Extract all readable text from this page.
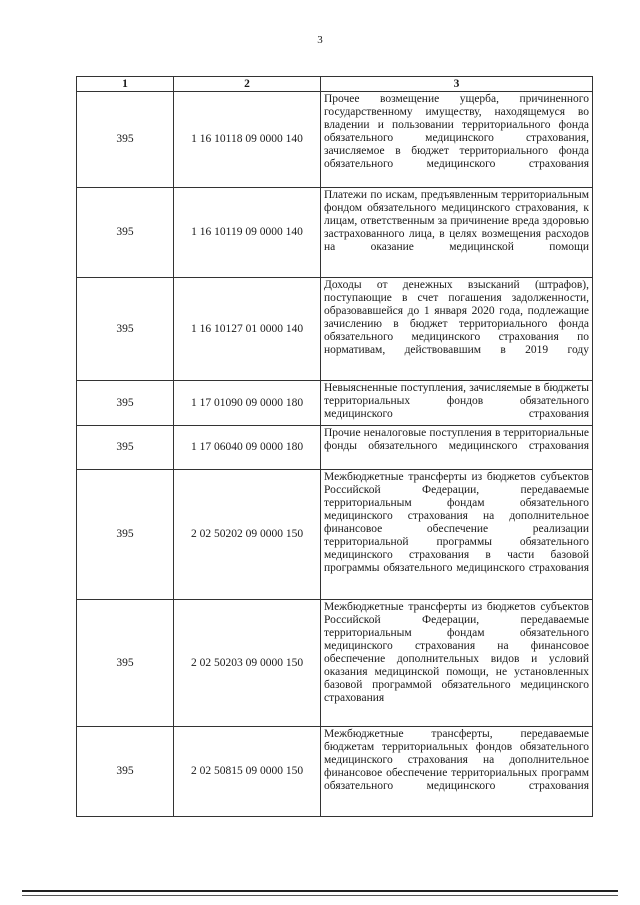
3
1	2	3
395	1 16 10118 09 0000 140	Прочее возмещение ущерба, причиненного государственному имуществу, находящемуся во владении и пользовании территориального фонда обязательного медицинского страхования, зачисляемое в бюджет территориального фонда обязательного медицинского страхования
395	1 16 10119 09 0000 140	Платежи по искам, предъявленным территориальным фондом обязательного медицинского страхования, к лицам, ответственным за причинение вреда здоровью застрахованного лица, в целях возмещения расходов на оказание медицинской помощи
395	1 16 10127 01 0000 140	Доходы от денежных взысканий (штрафов), поступающие в счет погашения задолженности, образовавшейся до 1 января 2020 года, подлежащие зачислению в бюджет территориального фонда обязательного медицинского страхования по нормативам, действовавшим в 2019 году
395	1 17 01090 09 0000 180	Невыясненные поступления, зачисляемые в бюджеты территориальных фондов обязательного медицинского страхования
395	1 17 06040 09 0000 180	Прочие неналоговые поступления в территориальные фонды обязательного медицинского страхования
395	2 02 50202 09 0000 150	Межбюджетные трансферты из бюджетов субъектов Российской Федерации, передаваемые территориальным фондам обязательного медицинского страхования на дополнительное финансовое обеспечение реализации территориальной программы обязательного медицинского страхования в части базовой программы обязательного медицинского страхования
395	2 02 50203 09 0000 150	Межбюджетные трансферты из бюджетов субъектов Российской Федерации, передаваемые территориальным фондам обязательного медицинского страхования на финансовое обеспечение дополнительных видов и условий оказания медицинской помощи, не установленных базовой программой обязательного медицинского страхования
395	2 02 50815 09 0000 150	Межбюджетные трансферты, передаваемые бюджетам территориальных фондов обязательного медицинского страхования на дополнительное финансовое обеспечение территориальных программ обязательного медицинского страхования
